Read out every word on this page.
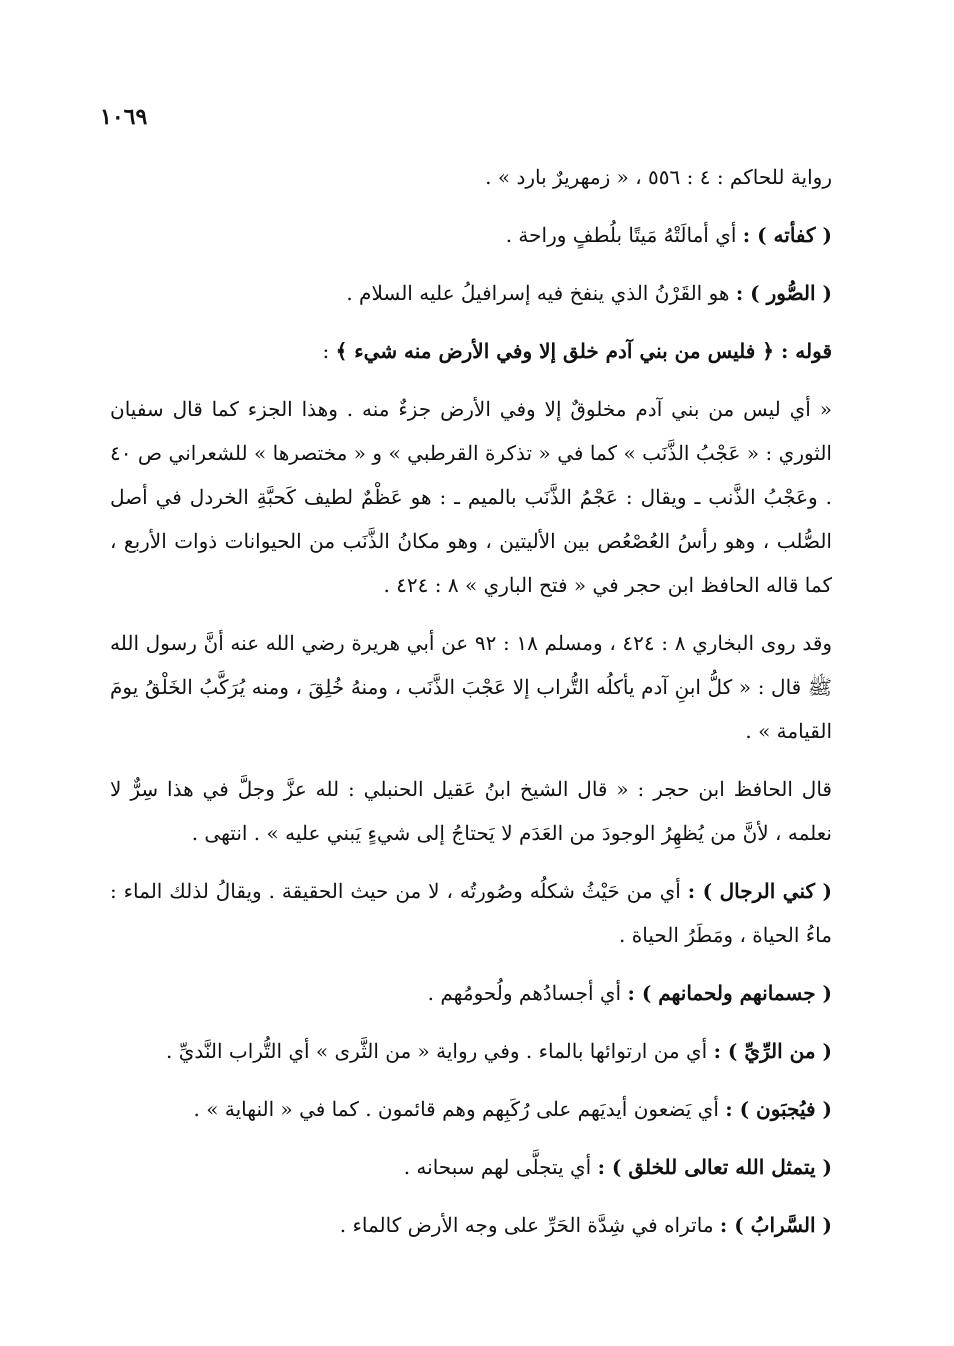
١٠٦٩
رواية للحاكم : ٤ : ٥٥٦ ، « زمهريرٌ بارد » .
( كفأته ) : أي أمالَتْهُ مَيتًا بلُطفٍ وراحة .
( الصُّور ) : هو القَرْنُ الذي ينفخ فيه إسرافيلُ عليه السلام .
قوله : ﴿ فليس من بني آدم خلق إلا وفي الأرض منه شيء ﴾ :

« أي ليس من بني آدم مخلوقٌ إلا وفي الأرض جزءٌ منه . وهذا الجزء كما قال سفيان الثوري : « عَجْبُ الذَّنَب » كما في « تذكرة القرطبي » و « مختصرها » للشعراني ص ٤٠ . وعَجْبُ الذَّنب ـ ويقال : عَجْمُ الذَّنَب بالميم ـ : هو عَظْمٌ لطيف كَحبَّةِ الخردل في أصل الصُّلب ، وهو رأسُ العُصْعُص بين الأليتين ، وهو مكانُ الذَّنَب من الحيوانات ذوات الأربع ، كما قاله الحافظ ابن حجر في « فتح الباري » ٨ : ٤٢٤ .

وقد روى البخاري ٨ : ٤٢٤ ، ومسلم ١٨ : ٩٢ عن أبي هريرة رضي الله عنه أنَّ رسول الله ﷺ قال : « كلُّ ابنِ آدم يأكلُه التُّراب إلا عَجْبَ الذَّنَب ، ومنهُ خُلِقَ ، ومنه يُرَكَّبُ الخَلْقُ يومَ القيامة » .

قال الحافظ ابن حجر : « قال الشيخ ابنُ عَقيل الحنبلي : لله عزَّ وجلَّ في هذا سِرٌّ لا نعلمه ، لأنَّ من يُظهِرُ الوجودَ من العَدَم لا يَحتاجُ إلى شيءٍ يَبني عليه » . انتهى .

( كني الرجال ) : أي من حَيْثُ شكلُه وصُورتُه ، لا من حيث الحقيقة . ويقالُ لذلك الماء : ماءُ الحياة ، ومَطَرُ الحياة .

( جسمانهم ولحمانهم ) : أي أجسادُهم ولُحومُهم .
( من الرِّيِّ ) : أي من ارتوائها بالماء . وفي رواية « من الثَّرى » أي التُّراب النَّديِّ .
( فيُجبَون ) : أي يَضعون أيديَهم على رُكَبِهم وهم قائمون . كما في « النهاية » .
( يتمثل الله تعالى للخلق ) : أي يتجلَّى لهم سبحانه .
( السَّرابُ ) : ماتراه في شِدَّة الحَرِّ على وجه الأرض كالماء .
